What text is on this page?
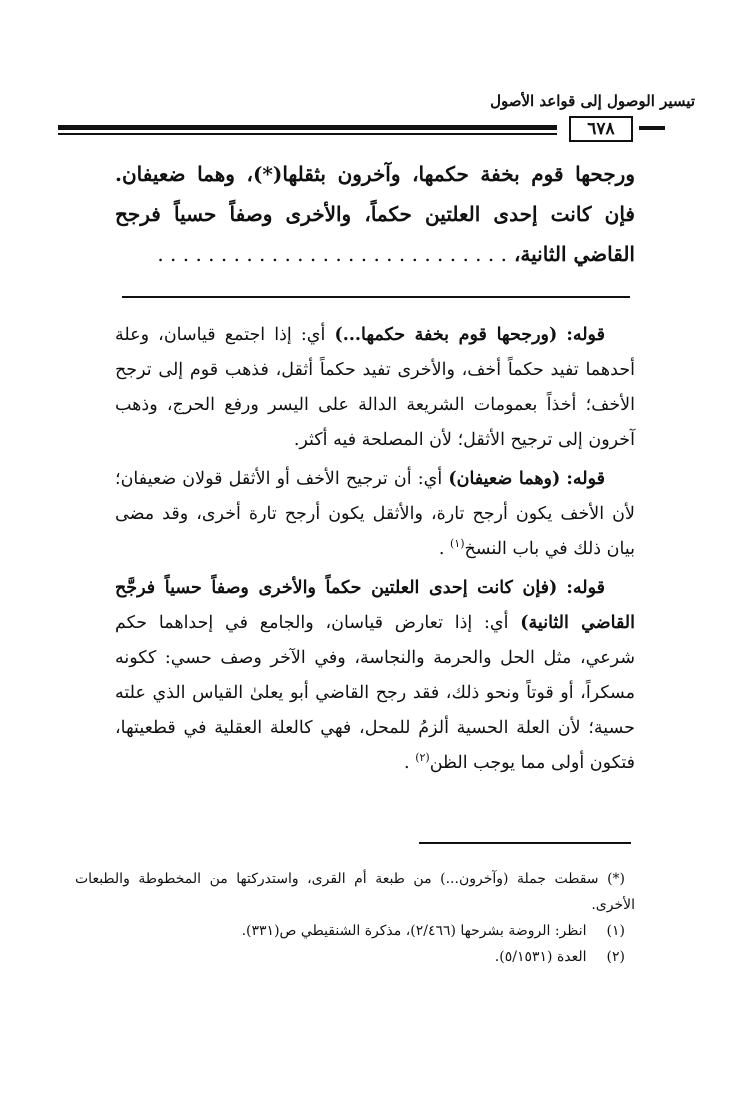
تيسير الوصول إلى قواعد الأصول
٦٧٨

ورجحها قوم بخفة حكمها، وآخرون بثقلها(*)، وهما ضعيفان. فإن كانت إحدى العلتين حكماً، والأخرى وصفاً حسياً فرجح القاضي الثانية، . . . . . . . . . . . . . . . . . . . . . . . . . . . .

قوله: (ورجحها قوم بخفة حكمها...) أي: إذا اجتمع قياسان، وعلة أحدهما تفيد حكماً أخف، والأخرى تفيد حكماً أثقل، فذهب قوم إلى ترجح الأخف؛ أخذاً بعمومات الشريعة الدالة على اليسر ورفع الحرج، وذهب آخرون إلى ترجيح الأثقل؛ لأن المصلحة فيه أكثر.

قوله: (وهما ضعيفان) أي: أن ترجيح الأخف أو الأثقل قولان ضعيفان؛ لأن الأخف يكون أرجح تارة، والأثقل يكون أرجح تارة أخرى، وقد مضى بيان ذلك في باب النسخ$^{(١)}$ .

قوله: (فإن كانت إحدى العلتين حكماً والأخرى وصفاً حسياً فرجَّح القاضي الثانية) أي: إذا تعارض قياسان، والجامع في إحداهما حكم شرعي، مثل الحل والحرمة والنجاسة، وفي الآخر وصف حسي: ككونه مسكراً، أو قوتاً ونحو ذلك، فقد رجح القاضي أبو يعلىٰ القياس الذي علته حسية؛ لأن العلة الحسية ألزمُ للمحل، فهي كالعلة العقلية في قطعيتها، فتكون أولى مما يوجب الظن$^{(٢)}$ .

(*) سقطت جملة (وآخرون...) من طبعة أم القرى، واستدركتها من المخطوطة والطبعات الأخرى.

(١) انظر: الروضة بشرحها (٢/٤٦٦)، مذكرة الشنقيطي ص(٣٣١).

(٢) العدة (٥/١٥٣١).
